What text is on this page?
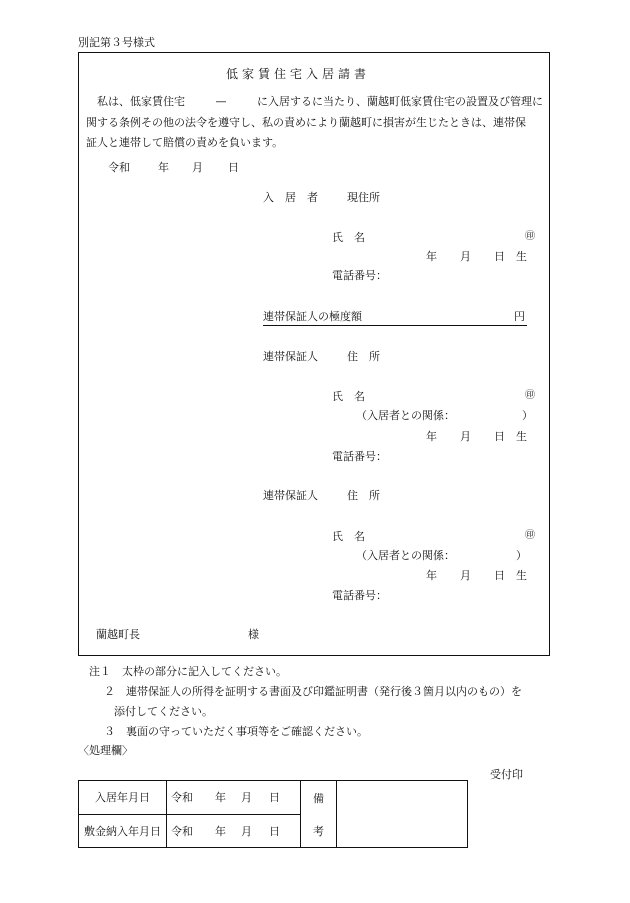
別記第３号様式
低家賃住宅入居請書
私は、低家賃住宅	—	に入居するに当たり、蘭越町低家賃住宅の設置及び管理に
関する条例その他の法令を遵守し、私の責めにより蘭越町に損害が生じたときは、連帯保
証人と連帯して賠償の責めを負います。
令和	年 月 日
入　居　者	現住所
氏　名	㊞
年 月 日　生
電話番号：
連帯保証人の極度額	円
連帯保証人	住　所
氏　名	㊞
（入居者との関係：	）
年 月 日　生
電話番号：
連帯保証人	住　所
氏　名	㊞
（入居者との関係：	）
年 月 日　生
電話番号：
蘭越町長	様
注１　太枠の部分に記入してください。
２　連帯保証人の所得を証明する書面及び印鑑証明書（発行後３箇月以内のもの）を
添付してください。
３　裏面の守っていただく事項等をご確認ください。
〈処理欄〉
受付印
入居年月日	令和 年 月 日	備	
敷金納入年月日	令和 年 月 日	考	
